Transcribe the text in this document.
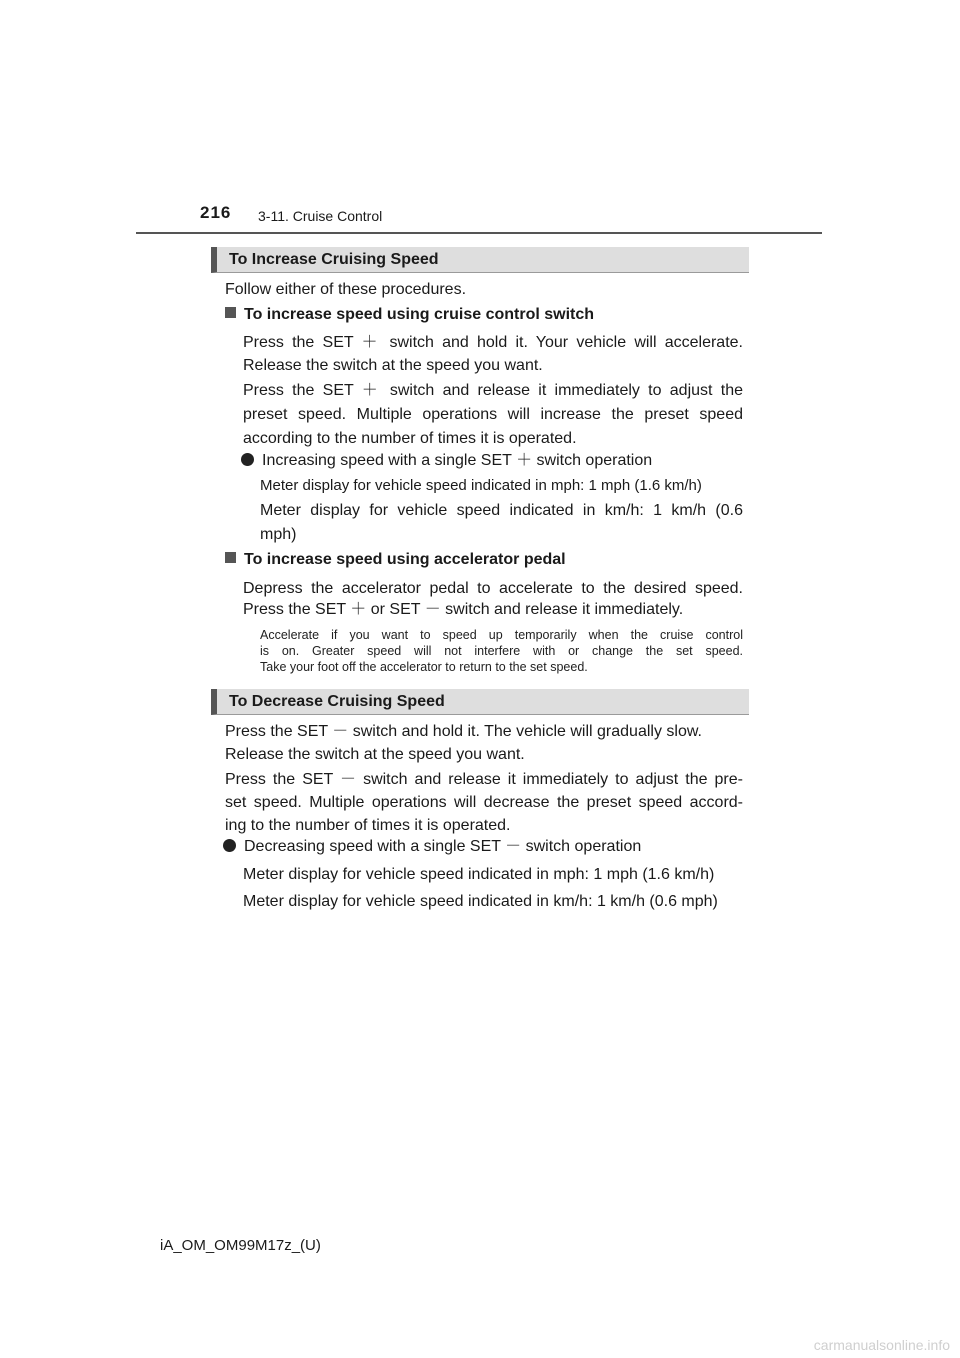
216 3-11. Cruise Control
To Increase Cruising Speed
Follow either of these procedures.
To increase speed using cruise control switch
Press the SET ＋ switch and hold it. Your vehicle will accelerate.
Release the switch at the speed you want.
Press the SET ＋ switch and release it immediately to adjust the
preset speed. Multiple operations will increase the preset speed
according to the number of times it is operated.
Increasing speed with a single SET ＋ switch operation
Meter display for vehicle speed indicated in mph: 1 mph (1.6 km/h)
Meter display for vehicle speed indicated in km/h: 1 km/h (0.6
mph)
To increase speed using accelerator pedal
Depress the accelerator pedal to accelerate to the desired speed.
Press the SET ＋ or SET － switch and release it immediately.
Accelerate if you want to speed up temporarily when the cruise control
is on. Greater speed will not interfere with or change the set speed.
Take your foot off the accelerator to return to the set speed.
To Decrease Cruising Speed
Press the SET － switch and hold it. The vehicle will gradually slow.
Release the switch at the speed you want.
Press the SET － switch and release it immediately to adjust the pre-
set speed. Multiple operations will decrease the preset speed accord-
ing to the number of times it is operated.
Decreasing speed with a single SET － switch operation
Meter display for vehicle speed indicated in mph: 1 mph (1.6 km/h)
Meter display for vehicle speed indicated in km/h: 1 km/h (0.6 mph)
iA_OM_OM99M17z_(U)
carmanualsonline.info
